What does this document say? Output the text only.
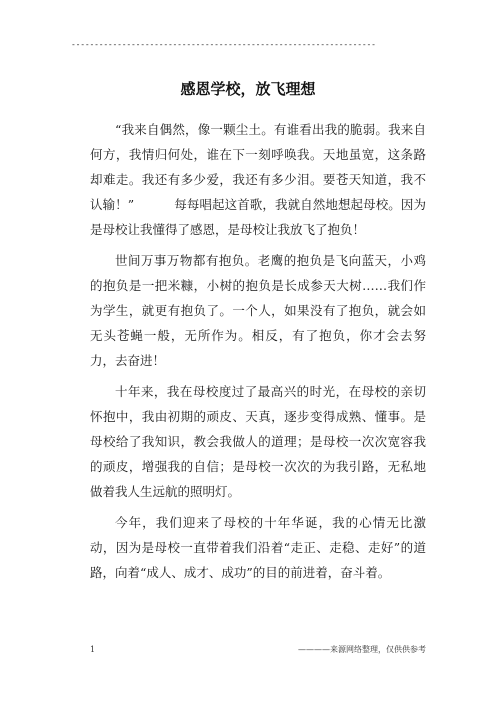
------------------------------------------------------------------
感恩学校，放飞理想

“我来自偶然，像一颗尘土。有谁看出我的脆弱。我来自何方，我情归何处，谁在下一刻呼唤我。天地虽宽，这条路却难走。我还有多少爱，我还有多少泪。要苍天知道，我不认输！”	每每唱起这首歌，我就自然地想起母校。因为是母校让我懂得了感恩，是母校让我放飞了抱负！

世间万事万物都有抱负。老鹰的抱负是飞向蓝天，小鸡的抱负是一把米糠，小树的抱负是长成参天大树……我们作为学生，就更有抱负了。一个人，如果没有了抱负，就会如无头苍蝇一般，无所作为。相反，有了抱负，你才会去努力，去奋进！

十年来，我在母校度过了最高兴的时光，在母校的亲切怀抱中，我由初期的顽皮、天真，逐步变得成熟、懂事。是母校给了我知识，教会我做人的道理；是母校一次次宽容我的顽皮，增强我的自信；是母校一次次的为我引路，无私地做着我人生远航的照明灯。

今年，我们迎来了母校的十年华诞，我的心情无比激动，因为是母校一直带着我们沿着“走正、走稳、走好”的道路，向着“成人、成才、成功”的目的前进着，奋斗着。

1	————来源网络整理，仅供供参考
